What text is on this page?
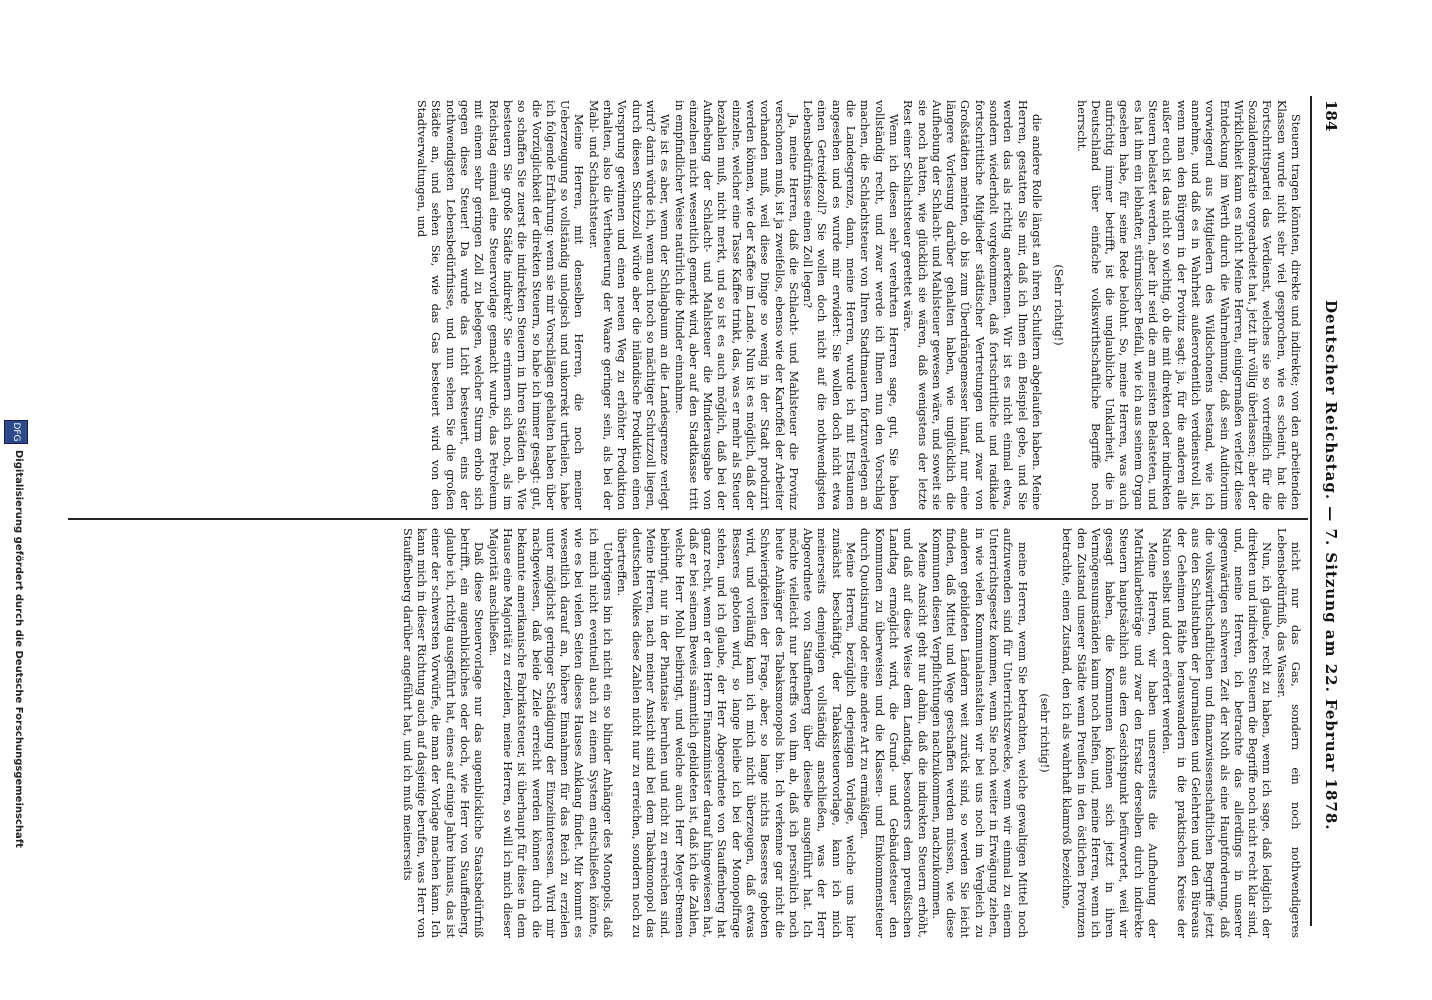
184
Deutscher Reichstag. — 7. Sitzung am 22. Februar 1878.

Steuern tragen könnten, direkte und indirekte; von den arbeitenden Klassen wurde nicht sehr viel gesprochen, wie es scheint, hat die Fortschrittspartei das Verdienst, welches sie so vortrefflich für die Sozialdemokratie vorgearbeitet hat, jetzt ihr völlig überlassen; aber der Wirklichkeit kann es nicht Meine Herren, einigermaßen verletzt diese Entdeckung im Werth durch die Wahrnehmung, daß sein Auditorium vorwiegend aus Mitgliedern des Wildschonens bestand, wie ich annehme, und daß es in Wahrheit außerordentlich verdienstvoll ist, wenn man den Bürgern in der Provinz sagt: ja, für die anderen alle außer euch ist das nicht so wichtig, ob die mit direkten oder indirekten Steuern belastet werden, aber ihr seid die am meisten Belasteten, und es hat ihm ein lebhafter, stürmischer Beifall, wie ich aus seinem Organ gesehen habe, für seine Rede belohnt. So, meine Herren, was auch aufrichtig immer betrifft, ist die unglaubliche Unklarheit, die in Deutschland über einfache volkswirthschaftliche Begriffe noch herrscht.

(Sehr richtig!)

die andere Rolle längst an ihren Schultern abgelaufen haben. Meine Herren, gestatten Sie mir, daß ich Ihnen ein Beispiel gebe, und Sie werden das als richtig anerkennen. Wir ist es nicht einmal etwa, sondern wiederholt vorgekommen, daß fortschrittliche und radikale fortschrittliche Mitglieder städtischer Vertretungen und zwar von Großstädten meinten, ob bis zum Überdrängemesser hinauf, nur eine längere Vorlesung darüber gehalten haben, wie unglücklich die Aufhebung der Schlacht- und Mahlsteuer gewesen wäre, und soweit sie sie noch hatten, wie glücklich sie wären, daß wenigstens der letzte Rest einer Schlachtsteuer gerettet wäre.

Wenn ich diesen sehr verehrten Herren sage, gut, Sie haben vollständig recht, und zwar werde ich Ihnen nun den Vorschlag machen, die Schlachtsteuer von Ihren Stadtmauern fortzuverlegen an die Landesgrenze, dann, meine Herren, wurde ich mit Erstaunen angesehen und es wurde mir erwidert: Sie wollen doch nicht etwa einen Getreidezoll? Sie wollen doch nicht auf die nothwendigsten Lebensbedürfnisse einen Zoll legen?

Ja, meine Herren, daß die Schlacht- und Mahlsteuer die Provinz verschonen muß, ist ja zweifellos, ebenso wie der Kartoffel der Arbeiter vorhanden muß, weil diese Dinge so wenig in der Stadt produzirt werden können, wie der Kaffee im Lande. Nun ist es möglich, daß der einzelne, welcher eine Tasse Kaffee trinkt, das, was er mehr als Steuer bezahlen muß, nicht merkt, und so ist es auch möglich, daß bei der Aufhebung der Schlacht- und Mahlsteuer die Minderausgabe von einzelnen nicht wesentlich gemerkt wird, aber auf den Stadtkasse tritt in empfindlicher Weise natürlich die Minder einnahme.

Wie ist es aber, wenn der Schlagbaum an die Landesgrenze verlegt wird? darin würde ich, wenn auch noch so mächtiger Schutzzoll liegen, durch diesen Schutzzoll würde aber die inländische Produktion einen Vorsprung gewinnen und einen neuen Weg zu erhöhter Produktion erhalten, also die Vertheuerung der Waare geringer sein, als bei der Mahl- und Schlachtsteuer.

Meine Herren, mit denselben Herren, die noch meiner Ueberzeugung so vollständig unlogisch und unkorrekt urtheilen, habe ich folgende Erfahrung: wenn sie mir Vorschlägen gehalten haben über die Vorzüglichkeit der direkten Steuern, so habe ich immer gesagt: gut, so schaffen Sie zuerst die indirekten Steuern in Ihren Städten ab. Wie besteuern Sie große Städte indirekt? Sie erinnern sich noch, als im Reichstag einmal eine Steuervorlage gemacht wurde, das Petroleum mit einem sehr geringen Zoll zu belegen, welcher Sturm erhob sich gegen diese Steuer! Da wurde das Licht besteuert, eins der nothwendigsten Lebensbedürfnisse, und nun sehen Sie die großen Städte an, und sehen Sie, wie das Gas besteuert wird von den Stadtverwaltungen, und

nicht nur das Gas, sondern ein noch nothwendigeres Lebensbedürfniß, das Wasser.

Nun, ich glaube, recht zu haben, wenn ich sage, daß lediglich der direkten und indirekten Steuern die Begriffe noch nicht recht klar sind, und, meine Herren, ich betrachte das allerdings in unserer gegenwärtigen schweren Zeit der Noth als eine Hauptforderung, daß die volkswirthschaftlichen und finanzwissenschaftlichen Begriffe jetzt aus den Schulstuben der Journalisten und Gelehrten und den Büreaus der Geheimen Räthe herauswandern in die praktischen Kreise der Nation selbst und dort erörtert werden.

Meine Herren, wir haben unsererseits die Aufhebung der Matrikularbeiträge und zwar den Ersatz derselben durch indirekte Steuern hauptsächlich aus dem Gesichtspunkt befürwortet, weil wir gesagt haben, die Kommunen können sich jetzt in ihren Vermögensumständen kaum noch helfen, und, meine Herren, wenn ich den Zustand unserer Städte wenn Preußen in den östlichen Provinzen betrachte, einen Zustand, den ich als wahrhaft klamroß bezeichne,

(sehr richtig!)

meine Herren, wenn Sie betrachten, welche gewaltigen Mittel noch aufzuwenden sind für Unterrichtszwecke, wenn wir einmal zu einem Unterrichtsgesetz kommen, wenn Sie noch weiter in Erwägung ziehen, in wie vielen Kommunalanstalten wir bei uns noch im Vergleich zu anderen gebildeten Ländern weit zurück sind, so werden Sie leicht finden, daß Mittel und Wege geschaffen werden müssen, wie diese Kommunen diesen Verpflichtungen nachzukommen, nachzukommen.

Meine Ansicht geht nur dahin, daß die indirekten Steuern erhöht, und daß auf diese Weise dem Landtag, besonders dem preußischen Landtag ermöglicht wird, die Grund- und Gebäudesteuer den Kommunen zu überweisen und die Klassen- und Einkommensteuer durch Quotisirung oder eine andere Art zu ermäßigen.

Meine Herren, bezüglich derjenigen Vorlage, welche uns hier zunächst beschäftigt, der Tabakssteuervorlage, kann ich mich meinerseits demjenigen vollständig anschließen, was der Herr Abgeordnete von Stauffenberg über dieselbe ausgeführt hat. Ich möchte vielleicht nur betreffs von ihm ab, daß ich persönlich noch heute Anhänger des Tabaksmonopols bin. Ich verkenne gar nicht die Schwierigkeiten der Frage, aber, so lange nichts Besseres geboten wird, und vorläufig kann ich mich nicht überzeugen, daß etwas Besseres geboten wird, so lange bleibe ich bei der Monopolfrage stehen, und ich glaube, der Herr Abgeordnete von Stauffenberg hat ganz recht, wenn er den Herrn Finanzminister darauf hingewiesen hat, daß er bei seinem Beweis sämmtlich gebildeten ist, daß ich die Zahlen, welche Herr Mohl beibringt, und welche auch Herr Meyer-Bremen beibringt, nur in der Phantasie beruhen und nicht zu erreichen sind. Meine Herren, nach meiner Ansicht sind bei dem Tabakmonopol das deutschen Volkes diese Zahlen nicht nur zu erreichen, sondern noch zu übertreffen.

Uebrigens bin ich nicht ein so blinder Anhänger des Monopols, daß ich mich nicht eventuell auch zu einem System entschließen könnte, wie es bei vielen Seiten dieses Hauses Anklang findet. Mir kommt es wesentlich darauf an, höhere Einnahmen für das Reich zu erzielen unter möglichst geringer Schädigung der Einzelinteressen. Wird mir nachgewiesen, daß beide Ziele erreicht werden können durch die bekannte amerikanische Fabrikatsteuer, ist überhaupt für diese in dem Hause eine Majorität zu erzielen, meine Herren, so will ich mich dieser Majorität anschließen.

Daß diese Steuervorlage nur das augenblickliche Staatsbedürfniß betrifft, ein augenblickliches oder doch, wie Herr von Stauffenberg, glaube ich, richtig ausgeführt hat, eines auf einige Jahre hinaus, das ist einer der schwersten Vorwürfe, die man der Vorlage machen kann. Ich kann mich in dieser Richtung auch auf dasjenige berufen, was Herr von Stauffenberg darüber angeführt hat, und ich muß meinerseits

DFG
Digitalisierung gefördert durch die Deutsche Forschungsgemeinschaft
